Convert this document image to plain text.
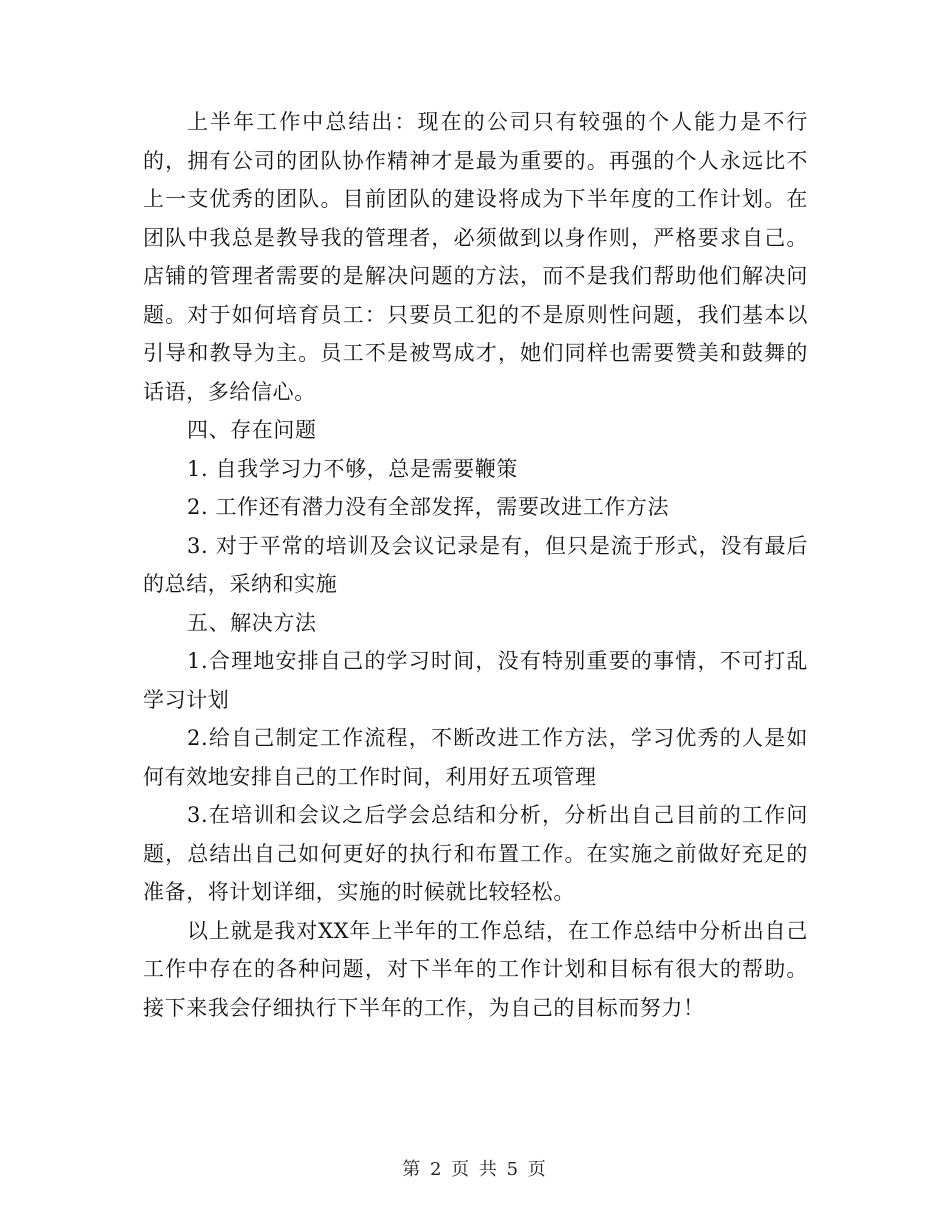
上半年工作中总结出：现在的公司只有较强的个人能力是不行的，拥有公司的团队协作精神才是最为重要的。再强的个人永远比不上一支优秀的团队。目前团队的建设将成为下半年度的工作计划。在团队中我总是教导我的管理者，必须做到以身作则，严格要求自己。店铺的管理者需要的是解决问题的方法，而不是我们帮助他们解决问题。对于如何培育员工：只要员工犯的不是原则性问题，我们基本以引导和教导为主。员工不是被骂成才，她们同样也需要赞美和鼓舞的话语，多给信心。

四、存在问题

1. 自我学习力不够，总是需要鞭策

2. 工作还有潜力没有全部发挥，需要改进工作方法

3. 对于平常的培训及会议记录是有，但只是流于形式，没有最后的总结，采纳和实施

五、解决方法

1.合理地安排自己的学习时间，没有特别重要的事情，不可打乱学习计划

2.给自己制定工作流程，不断改进工作方法，学习优秀的人是如何有效地安排自己的工作时间，利用好五项管理

3.在培训和会议之后学会总结和分析，分析出自己目前的工作问题，总结出自己如何更好的执行和布置工作。在实施之前做好充足的准备，将计划详细，实施的时候就比较轻松。

以上就是我对XX年上半年的工作总结，在工作总结中分析出自己工作中存在的各种问题，对下半年的工作计划和目标有很大的帮助。接下来我会仔细执行下半年的工作，为自己的目标而努力！

第 2 页 共 5 页
